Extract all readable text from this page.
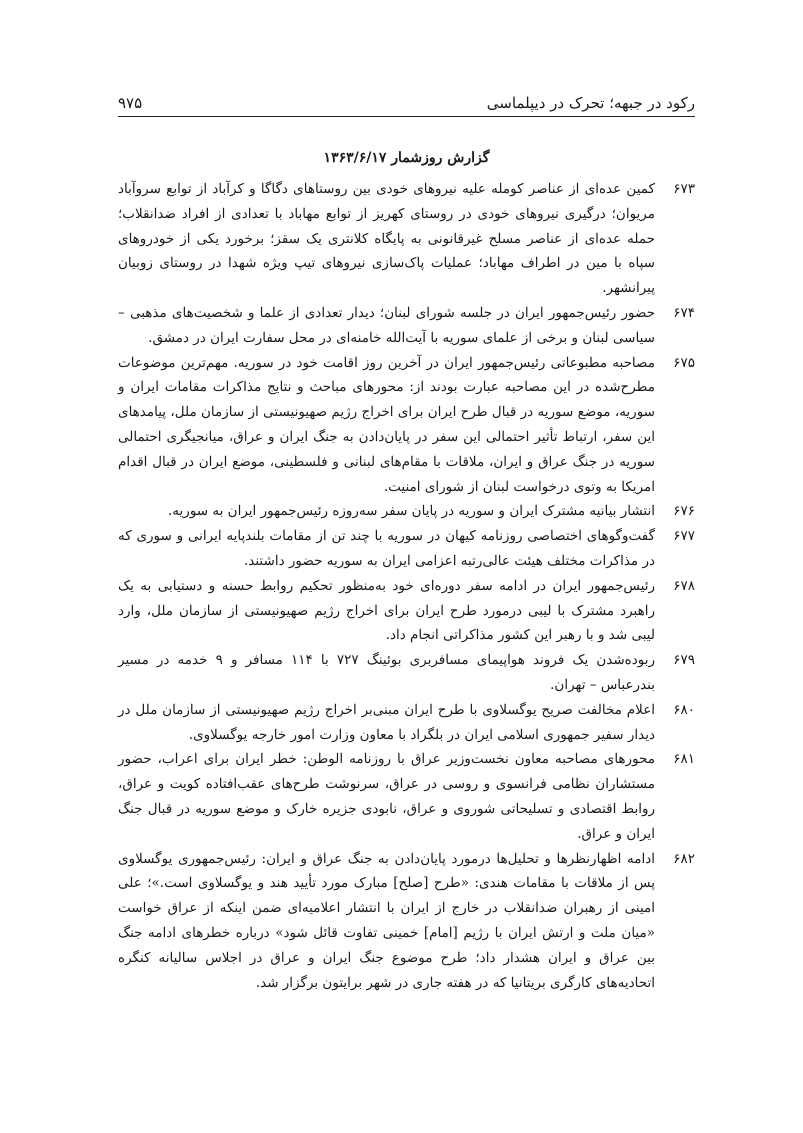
رکود در جبهه؛ تحرک در دیپلماسی
۹۷۵
گزارش روزشمار ۱۳۶۳/۶/۱۷
۶۷۳
کمین عده‌ای از عناصر کومله علیه نیروهای خودی بین روستاهای دگاگا و کرآباد از توابع سروآباد مریوان؛ درگیری نیروهای خودی در روستای کهریز از توابع مهاباد با تعدادی از افراد ضدانقلاب؛ حمله عده‌ای از عناصر مسلح غیرقانونی به پایگاه کلانتری یک سقز؛ برخورد یکی از خودروهای سپاه با مین در اطراف مهاباد؛ عملیات پاک‌سازی نیروهای تیپ ویژه شهدا در روستای زوبیان پیرانشهر.
۶۷۴
حضور رئیس‌جمهور ایران در جلسه شورای لبنان؛ دیدار تعدادی از علما و شخصیت‌های مذهبی – سیاسی لبنان و برخی از علمای سوریه با آیت‌الله خامنه‌ای در محل سفارت ایران در دمشق.
۶۷۵
مصاحبه مطبوعاتی رئیس‌جمهور ایران در آخرین روز اقامت خود در سوریه. مهم‌ترین موضوعات مطرح‌شده در این مصاحبه عبارت بودند از: محورهای مباحث و نتایج مذاکرات مقامات ایران و سوریه، موضع سوریه در قبال طرح ایران برای اخراج رژیم صهیونیستی از سازمان ملل، پیامدهای این سفر، ارتباط تأثیر احتمالی این سفر در پایان‌دادن به جنگ ایران و عراق، میانجیگری احتمالی سوریه در جنگ عراق و ایران، ملاقات با مقام‌های لبنانی و فلسطینی، موضع ایران در قبال اقدام امریکا به وتوی درخواست لبنان از شورای امنیت.
۶۷۶
انتشار بیانیه مشترک ایران و سوریه در پایان سفر سه‌روزه رئیس‌جمهور ایران به سوریه.
۶۷۷
گفت‌وگوهای اختصاصی روزنامه کیهان در سوریه با چند تن از مقامات بلندپایه ایرانی و سوری که در مذاکرات مختلف هیئت عالی‌رتبه اعزامی ایران به سوریه حضور داشتند.
۶۷۸
رئیس‌جمهور ایران در ادامه سفر دوره‌ای خود به‌منظور تحکیم روابط حسنه و دستیابی به یک راهبرد مشترک با لیبی درمورد طرح ایران برای اخراج رژیم صهیونیستی از سازمان ملل، وارد لیبی شد و با رهبر این کشور مذاکراتی انجام داد.
۶۷۹
ربوده‌شدن یک فروند هواپیمای مسافربری بوئینگ ۷۲۷ با ۱۱۴ مسافر و ۹ خدمه در مسیر بندرعباس – تهران.
۶۸۰
اعلام مخالفت صریح یوگسلاوی با طرح ایران مبنی‌بر اخراج رژیم صهیونیستی از سازمان ملل در دیدار سفیر جمهوری اسلامی ایران در بلگراد با معاون وزارت امور خارجه یوگسلاوی.
۶۸۱
محورهای مصاحبه معاون نخست‌وزیر عراق با روزنامه الوطن: خطر ایران برای اعراب، حضور مستشاران نظامی فرانسوی و روسی در عراق، سرنوشت طرح‌های عقب‌افتاده کویت و عراق، روابط اقتصادی و تسلیحاتی شوروی و عراق، نابودی جزیره خارک و موضع سوریه در قبال جنگ ایران و عراق.
۶۸۲
ادامه اظهارنظرها و تحلیل‌ها درمورد پایان‌دادن به جنگ عراق و ایران: رئیس‌جمهوری یوگسلاوی پس از ملاقات با مقامات هندی: «طرح [صلح] مبارک مورد تأیید هند و یوگسلاوی است.»؛ علی امینی از رهبران ضدانقلاب در خارج از ایران با انتشار اعلامیه‌ای ضمن اینکه از عراق خواست «میان ملت و ارتش ایران با رژیم [امام] خمینی تفاوت قائل شود» درباره خطرهای ادامه جنگ بین عراق و ایران هشدار داد؛ طرح موضوع جنگ ایران و عراق در اجلاس سالیانه کنگره اتحادیه‌های کارگری بریتانیا که در هفته جاری در شهر برایتون برگزار شد.
